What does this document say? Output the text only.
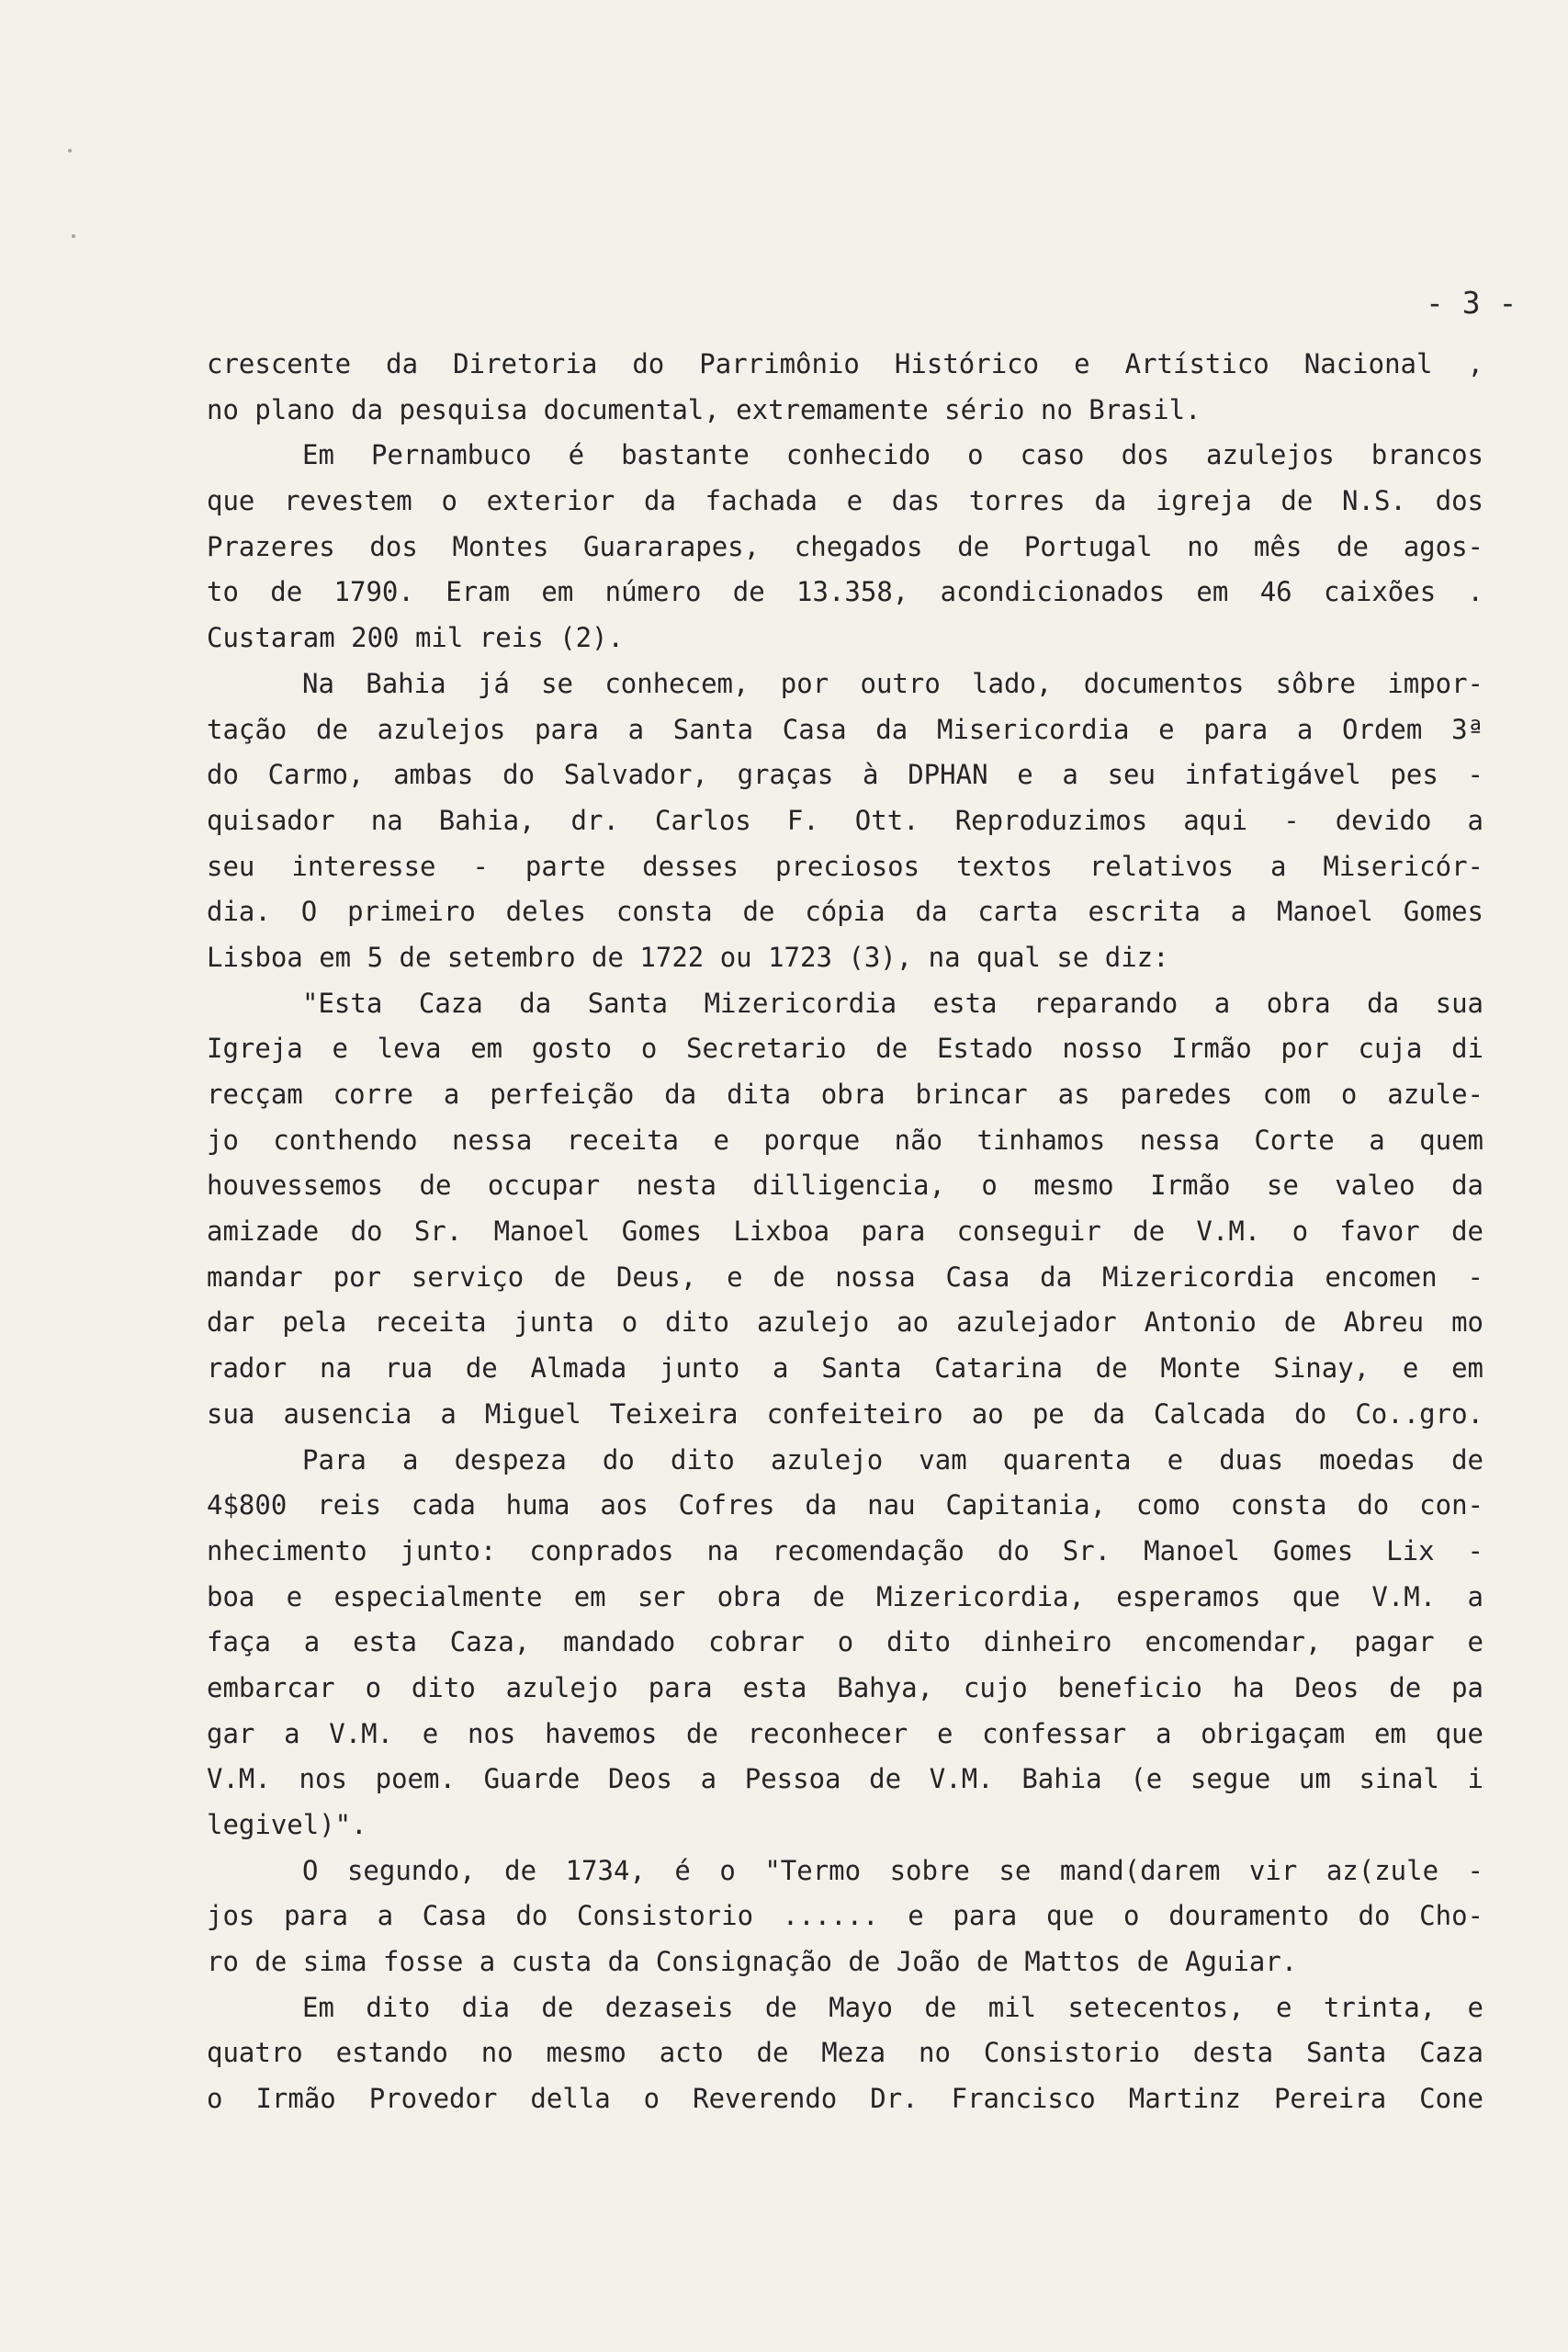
- 3 -
crescente da Diretoria do Parrimônio Histórico e Artístico Nacional ,
no plano da pesquisa documental, extremamente sério no Brasil.
Em Pernambuco é bastante conhecido o caso dos azulejos brancos
que revestem o exterior da fachada e das torres da igreja de N.S. dos
Prazeres dos Montes Guararapes, chegados de Portugal no mês de agos-
to de 1790. Eram em número de 13.358, acondicionados em 46 caixões .
Custaram 200 mil reis (2).
Na Bahia já se conhecem, por outro lado, documentos sôbre impor-
tação de azulejos para a Santa Casa da Misericordia e para a Ordem 3ª
do Carmo, ambas do Salvador, graças à DPHAN e a seu infatigável pes -
quisador na Bahia, dr. Carlos F. Ott. Reproduzimos aqui - devido a
seu interesse - parte desses preciosos textos relativos a Misericór-
dia. O primeiro deles consta de cópia da carta escrita a Manoel Gomes
Lisboa em 5 de setembro de 1722 ou 1723 (3), na qual se diz:
"Esta Caza da Santa Mizericordia esta reparando a obra da sua
Igreja e leva em gosto o Secretario de Estado nosso Irmão por cuja di
recçam corre a perfeição da dita obra brincar as paredes com o azule-
jo conthendo nessa receita e porque não tinhamos nessa Corte a quem
houvessemos de occupar nesta dilligencia, o mesmo Irmão se valeo da
amizade do Sr. Manoel Gomes Lixboa para conseguir de V.M. o favor de
mandar por serviço de Deus, e de nossa Casa da Mizericordia encomen -
dar pela receita junta o dito azulejo ao azulejador Antonio de Abreu mo
rador na rua de Almada junto a Santa Catarina de Monte Sinay, e em
sua ausencia a Miguel Teixeira confeiteiro ao pe da Calcada do Co..gro.
Para a despeza do dito azulejo vam quarenta e duas moedas de
4$800 reis cada huma aos Cofres da nau Capitania, como consta do con-
nhecimento junto: conprados na recomendação do Sr. Manoel Gomes Lix -
boa e especialmente em ser obra de Mizericordia, esperamos que V.M. a
faça a esta Caza, mandado cobrar o dito dinheiro encomendar, pagar e
embarcar o dito azulejo para esta Bahya, cujo beneficio ha Deos de pa
gar a V.M. e nos havemos de reconhecer e confessar a obrigaçam em que
V.M. nos poem. Guarde Deos a Pessoa de V.M. Bahia (e segue um sinal i
legivel)".
O segundo, de 1734, é o "Termo sobre se mand(darem vir az(zule -
jos para a Casa do Consistorio ...... e para que o douramento do Cho-
ro de sima fosse a custa da Consignação de João de Mattos de Aguiar.
Em dito dia de dezaseis de Mayo de mil setecentos, e trinta, e
quatro estando no mesmo acto de Meza no Consistorio desta Santa Caza
o Irmão Provedor della o Reverendo Dr. Francisco Martinz Pereira Cone
